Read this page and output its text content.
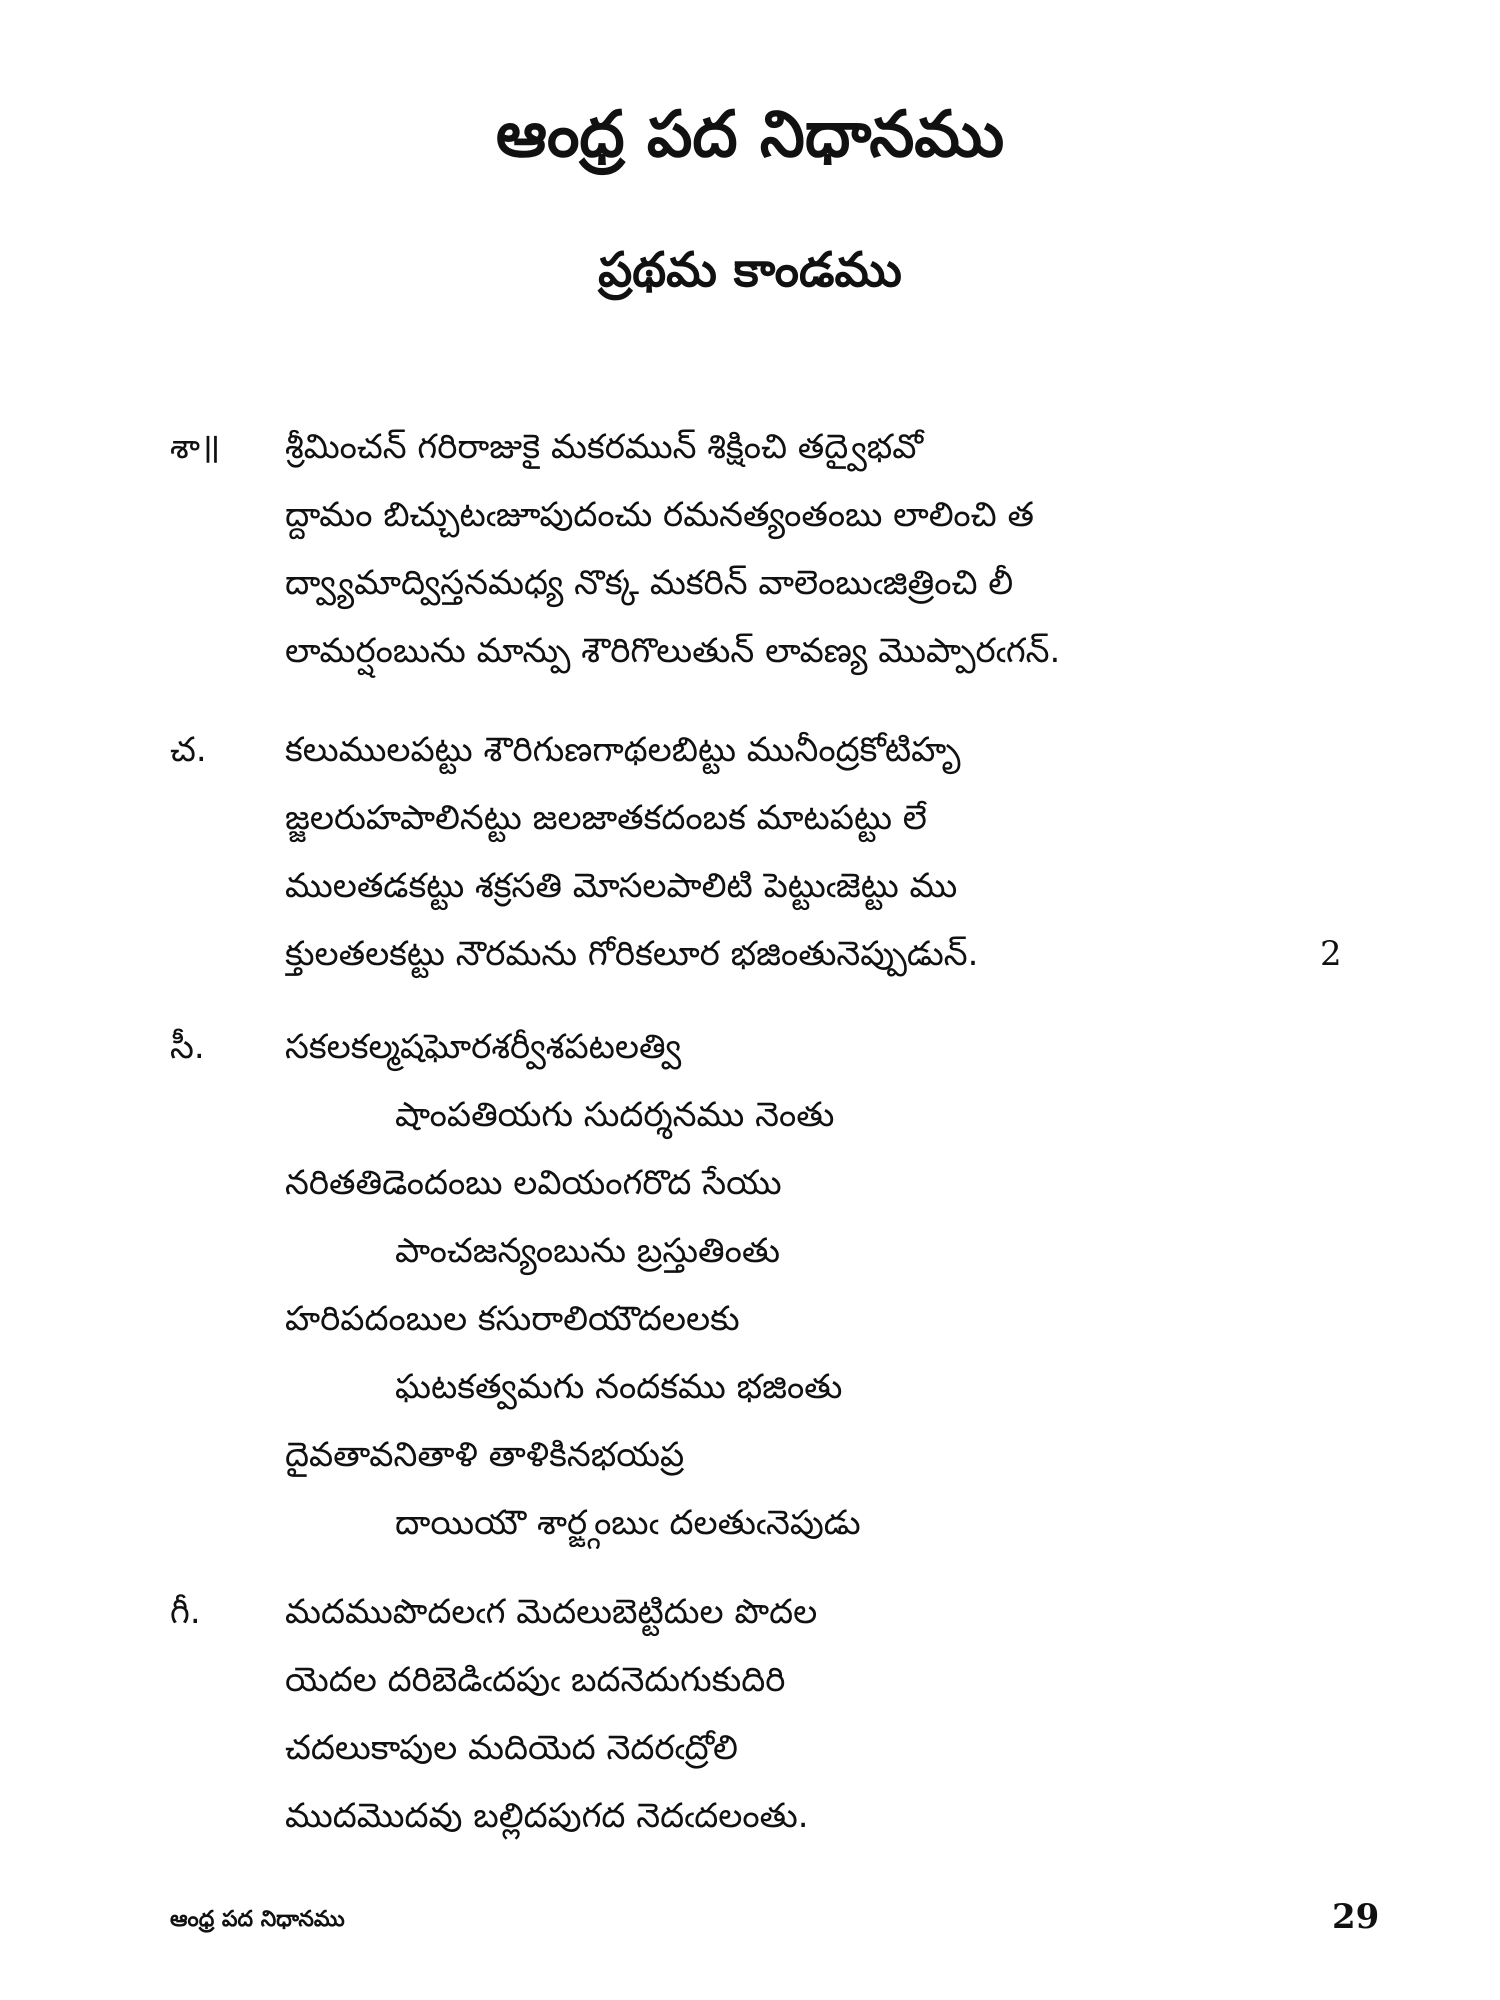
ఆంధ్ర పద నిధానము
ప్రథమ కాండము
శా॥ శ్రీమించన్ గరిరాజుకై మకరమున్ శిక్షించి తద్వైభవో
ద్దామం బిచ్చుటఁజూపుదంచు రమనత్యంతంబు లాలించి త
ద్వ్యామాద్విస్తనమధ్య నొక్క మకరిన్ వాలెంబుఁజిత్రించి లీ
లామర్షంబును మాన్పు శౌరిగొలుతున్ లావణ్య మొప్పారఁగన్.
చ. కలుములపట్టు శౌరిగుణగాథలబిట్టు మునీంద్రకోటిహృ
జ్జలరుహపాలినట్టు జలజాతకదంబక మాటపట్టు లే
ములతడకట్టు శక్రసతి మోసలపాలిటి పెట్టుఁజెట్టు ము
క్తులతలకట్టు నౌరమను గోరికలూర భజింతునెప్పుడున్.	2
సీ. సకలకల్మషఘోరశర్వీశపటలత్వి
షాంపతియగు సుదర్శనము నెంతు
నరితతిడెందంబు లవియంగరొద సేయు
పాంచజన్యంబును బ్రస్తుతింతు
హరిపదంబుల కసురాలియౌదలలకు
ఘటకత్వమగు నందకము భజింతు
దైవతావనితాళి తాళికినభయప్ర
దాయియౌ శార్ఙ్గంబుఁ దలతుఁనెపుడు
గీ. మదముపొదలఁగ మెదలుబెట్టిదుల పొదల
యెదల దరిబెడిఁదపుఁ బదనెదుగుకుదిరి
చదలుకాపుల మదియెద నెదరఁద్రోలి
ముదమొదవు బల్లిదపుగద నెదఁదలంతు.
ఆంధ్ర పద నిధానము	29
